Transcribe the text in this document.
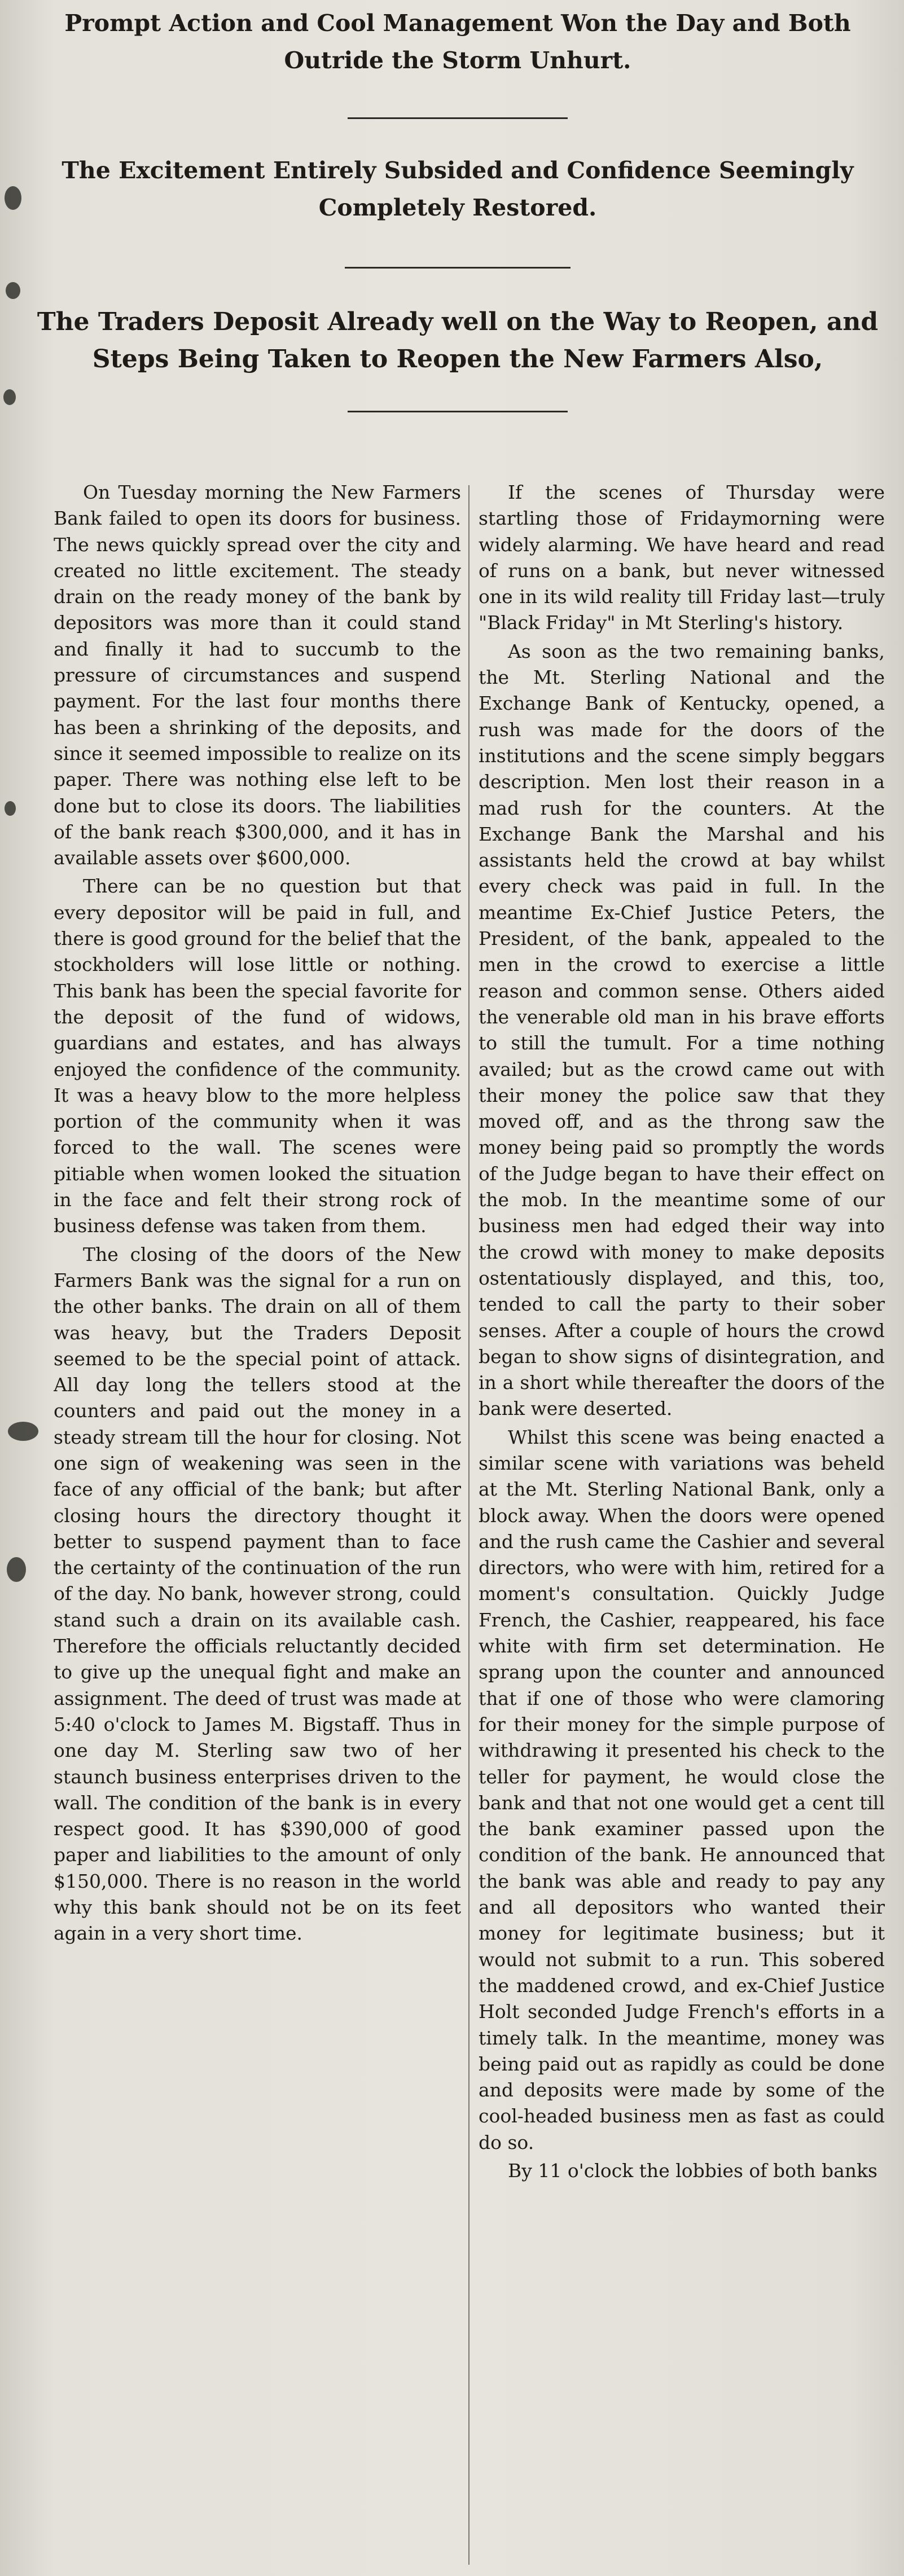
Prompt Action and Cool Management Won the Day and Both Outride the Storm Unhurt.
The Excitement Entirely Subsided and Confidence Seemingly Completely Restored.
The Traders Deposit Already well on the Way to Reopen, and Steps Being Taken to Reopen the New Farmers Also,

On Tuesday morning the New Farmers Bank failed to open its doors for business. The news quickly spread over the city and created no little excitement. The steady drain on the ready money of the bank by depositors was more than it could stand and finally it had to succumb to the pressure of circumstances and suspend payment. For the last four months there has been a shrinking of the deposits, and since it seemed impossible to realize on its paper. There was nothing else left to be done but to close its doors. The liabilities of the bank reach $300,000, and it has in available assets over $600,000.

There can be no question but that every depositor will be paid in full, and there is good ground for the belief that the stockholders will lose little or nothing. This bank has been the special favorite for the deposit of the fund of widows, guardians and estates, and has always enjoyed the confidence of the community. It was a heavy blow to the more helpless portion of the community when it was forced to the wall. The scenes were pitiable when women looked the situation in the face and felt their strong rock of business defense was taken from them.

The closing of the doors of the New Farmers Bank was the signal for a run on the other banks. The drain on all of them was heavy, but the Traders Deposit seemed to be the special point of attack. All day long the tellers stood at the counters and paid out the money in a steady stream till the hour for closing. Not one sign of weakening was seen in the face of any official of the bank; but after closing hours the directory thought it better to suspend payment than to face the certainty of the continuation of the run of the day. No bank, however strong, could stand such a drain on its available cash. Therefore the officials reluctantly decided to give up the unequal fight and make an assignment. The deed of trust was made at 5:40 o'clock to James M. Bigstaff. Thus in one day M. Sterling saw two of her staunch business enterprises driven to the wall. The condition of the bank is in every respect good. It has $390,000 of good paper and liabilities to the amount of only $150,000. There is no reason in the world why this bank should not be on its feet again in a very short time.

If the scenes of Thursday were startling those of Fridaymorning were widely alarming. We have heard and read of runs on a bank, but never witnessed one in its wild reality till Friday last—truly "Black Friday" in Mt Sterling's history.

As soon as the two remaining banks, the Mt. Sterling National and the Exchange Bank of Kentucky, opened, a rush was made for the doors of the institutions and the scene simply beggars description. Men lost their reason in a mad rush for the counters. At the Exchange Bank the Marshal and his assistants held the crowd at bay whilst every check was paid in full. In the meantime Ex-Chief Justice Peters, the President, of the bank, appealed to the men in the crowd to exercise a little reason and common sense. Others aided the venerable old man in his brave efforts to still the tumult. For a time nothing availed; but as the crowd came out with their money the police saw that they moved off, and as the throng saw the money being paid so promptly the words of the Judge began to have their effect on the mob. In the meantime some of our business men had edged their way into the crowd with money to make deposits ostentatiously displayed, and this, too, tended to call the party to their sober senses. After a couple of hours the crowd began to show signs of disintegration, and in a short while thereafter the doors of the bank were deserted.

Whilst this scene was being enacted a similar scene with variations was beheld at the Mt. Sterling National Bank, only a block away. When the doors were opened and the rush came the Cashier and several directors, who were with him, retired for a moment's consultation. Quickly Judge French, the Cashier, reappeared, his face white with firm set determination. He sprang upon the counter and announced that if one of those who were clamoring for their money for the simple purpose of withdrawing it presented his check to the teller for payment, he would close the bank and that not one would get a cent till the bank examiner passed upon the condition of the bank. He announced that the bank was able and ready to pay any and all depositors who wanted their money for legitimate business; but it would not submit to a run. This sobered the maddened crowd, and ex-Chief Justice Holt seconded Judge French's efforts in a timely talk. In the meantime, money was being paid out as rapidly as could be done and deposits were made by some of the cool-headed business men as fast as could do so.

By 11 o'clock the lobbies of both banks
